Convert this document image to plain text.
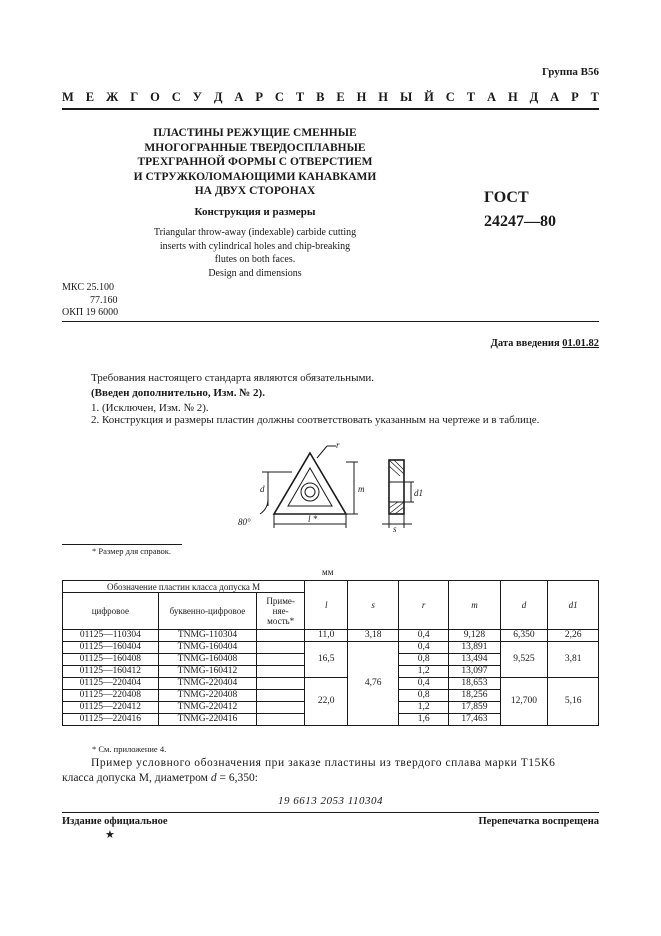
Группа В56
М Е Ж Г О С У Д А Р С Т В Е Н Н Ы Й С Т А Н Д А Р Т
ПЛАСТИНЫ РЕЖУЩИЕ СМЕННЫЕ
МНОГОГРАННЫЕ ТВЕРДОСПЛАВНЫЕ
ТРЕХГРАННОЙ ФОРМЫ С ОТВЕРСТИЕМ
И СТРУЖКОЛОМАЮЩИМИ КАНАВКАМИ
НА ДВУХ СТОРОНАХ
Конструкция и размеры
Triangular throw-away (indexable) carbide cutting
inserts with cylindrical holes and chip-breaking
flutes on both faces.
Design and dimensions
ГОСТ
24247—80
МКС 25.100
77.160
ОКП 19 6000
Дата введения 01.01.82
Требования настоящего стандарта являются обязательными.
(Введен дополнительно, Изм. № 2).
1. (Исключен, Изм. № 2).
2. Конструкция и размеры пластин должны соответствовать указанным на чертеже и в таблице.
r
d	m
80°	l *
s
d1
* Размер для справок.
мм
Обозначение пластин класса допуска М			l	s	r	m	d	d1
цифровое	буквенно-цифровое	Приме-
няе-
мость*						
01125—110304	TNMG-110304		11,0	3,18	0,4	9,128	6,350	2,26
01125—160404	TNMG-160404		16,5	4,76	0,4	13,891	9,525	3,81
01125—160408	TNMG-160408				0,8	13,494		
01125—160412	TNMG-160412				1,2	13,097		
01125—220404	TNMG-220404		22,0		0,4	18,653	12,700	5,16
01125—220408	TNMG-220408				0,8	18,256		
01125—220412	TNMG-220412				1,2	17,859		
01125—220416	TNMG-220416				1,6	17,463		
* См. приложение 4.
Пример условного обозначения при заказе пластины из твердого сплава марки Т15К6
класса допуска М, диаметром d = 6,350:
19 6613 2053 110304
Издание официальное	Перепечатка воспрещена
★
